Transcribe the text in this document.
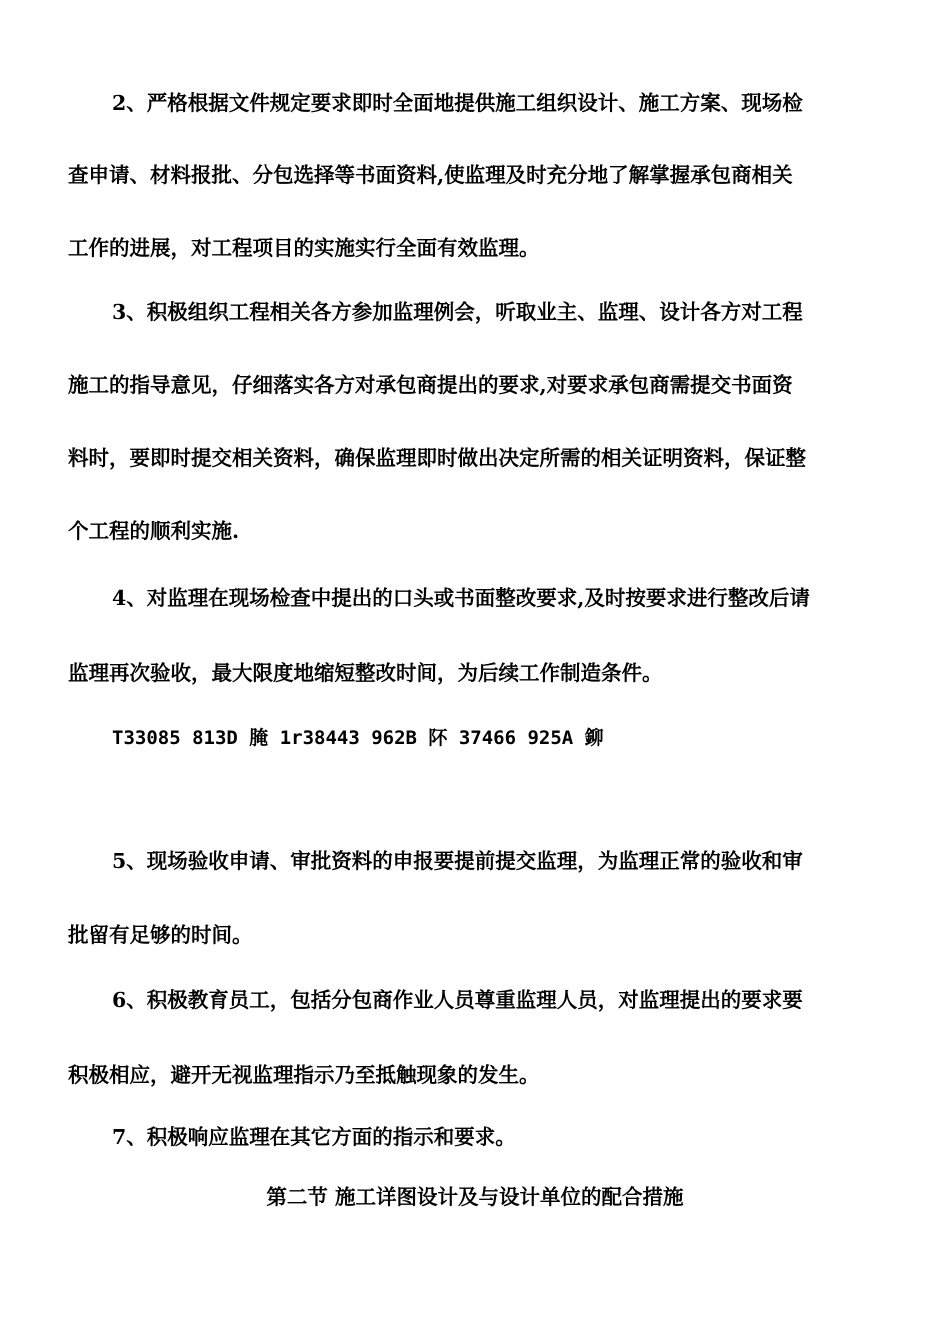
2、严格根据文件规定要求即时全面地提供施工组织设计、施工方案、现场检
查申请、材料报批、分包选择等书面资料,使监理及时充分地了解掌握承包商相关
工作的进展，对工程项目的实施实行全面有效监理。
3、积极组织工程相关各方参加监理例会，听取业主、监理、设计各方对工程
施工的指导意见，仔细落实各方对承包商提出的要求,对要求承包商需提交书面资
料时，要即时提交相关资料，确保监理即时做出决定所需的相关证明资料，保证整
个工程的顺利实施.
4、对监理在现场检查中提出的口头或书面整改要求,及时按要求进行整改后请
监理再次验收，最大限度地缩短整改时间，为后续工作制造条件。
T33085 813D 腌 1r38443 962B 阫 37466 925A 鉚
5、现场验收申请、审批资料的申报要提前提交监理，为监理正常的验收和审
批留有足够的时间。
6、积极教育员工，包括分包商作业人员尊重监理人员，对监理提出的要求要
积极相应，避开无视监理指示乃至抵触现象的发生。
7、积极响应监理在其它方面的指示和要求。
第二节 施工详图设计及与设计单位的配合措施
